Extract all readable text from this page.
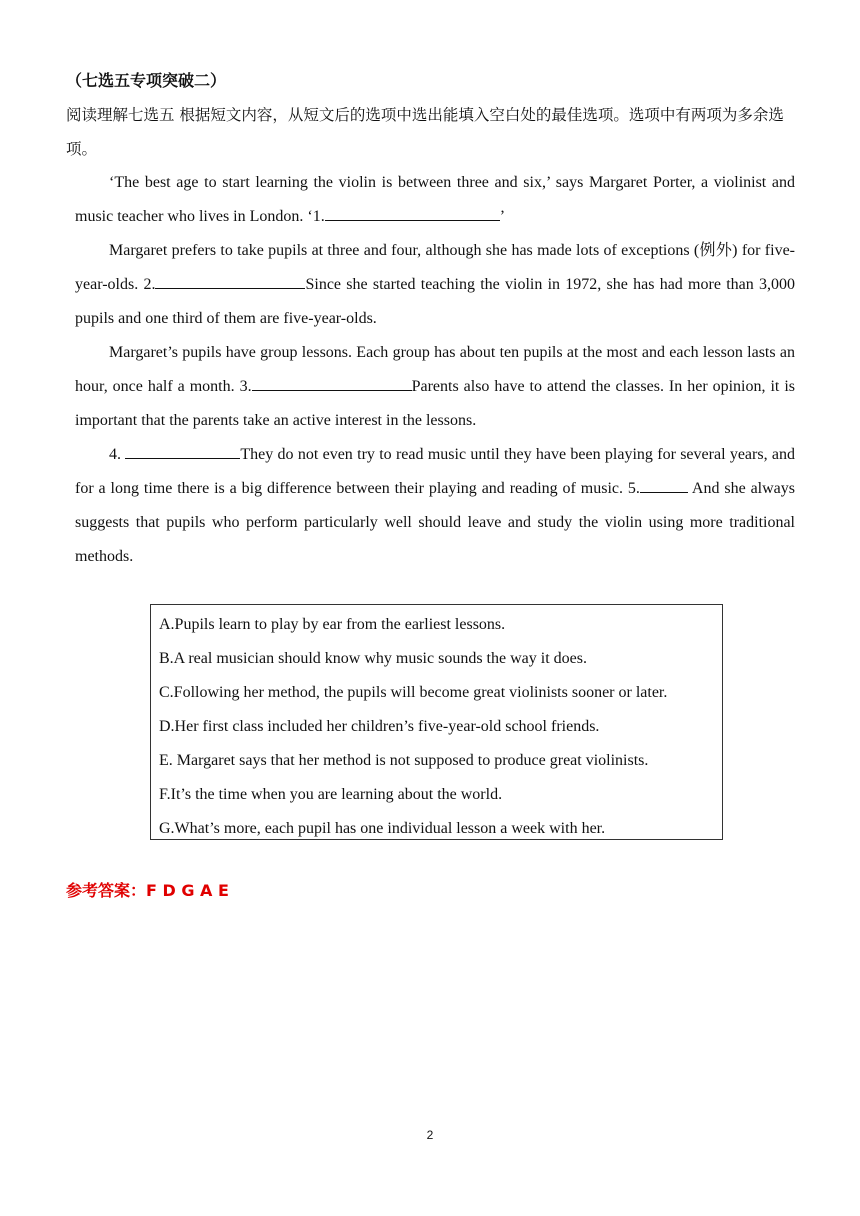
（七选五专项突破二）
阅读理解七选五 根据短文内容，从短文后的选项中选出能填入空白处的最佳选项。选项中有两项为多余选项。

‘The best age to start learning the violin is between three and six,’ says Margaret Porter, a violinist and music teacher who lives in London. ‘1.	’

Margaret prefers to take pupils at three and four, although she has made lots of exceptions (例外) for five-year-olds. 2.	Since she started teaching the violin in 1972, she has had more than 3,000 pupils and one third of them are five-year-olds.

Margaret’s pupils have group lessons. Each group has about ten pupils at the most and each lesson lasts an hour, once half a month. 3.	Parents also have to attend the classes. In her opinion, it is important that the parents take an active interest in the lessons.

4.	They do not even try to read music until they have been playing for several years, and for a long time there is a big difference between their playing and reading of music. 5.	And she always suggests that pupils who perform particularly well should leave and study the violin using more traditional methods.

A.Pupils learn to play by ear from the earliest lessons.
B.A real musician should know why music sounds the way it does.
C.Following her method, the pupils will become great violinists sooner or later.
D.Her first class included her children’s five-year-old school friends.
E. Margaret says that her method is not supposed to produce great violinists.
F.It’s the time when you are learning about the world.
G.What’s more, each pupil has one individual lesson a week with her.
参考答案：F D G A E
2
